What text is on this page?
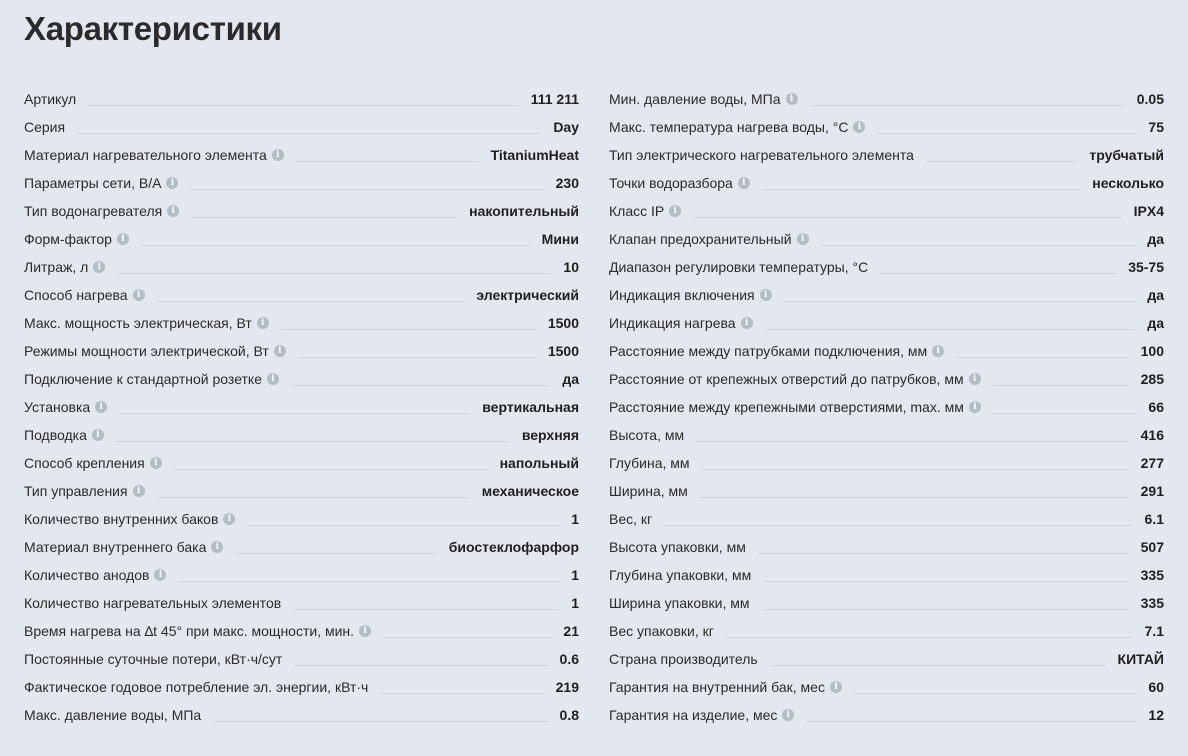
Характеристики
Артикул	111 211
Серия	Day
Материал нагревательного элемента	i	TitaniumHeat
Параметры сети, В/А	i	230
Тип водонагревателя	i	накопительный
Форм-фактор	i	Мини
Литраж, л	i	10
Способ нагрева	i	электрический
Макс. мощность электрическая, Вт	i	1500
Режимы мощности электрической, Вт	i	1500
Подключение к стандартной розетке	i	да
Установка	i	вертикальная
Подводка	i	верхняя
Способ крепления	i	напольный
Тип управления	i	механическое
Количество внутренних баков	i	1
Материал внутреннего бака	i	биостеклофарфор
Количество анодов	i	1
Количество нагревательных элементов	1
Время нагрева на ∆t 45° при макс. мощности, мин.	i	21
Постоянные суточные потери, кВт·ч/сут	0.6
Фактическое годовое потребление эл. энергии, кВт·ч	219
Макс. давление воды, МПа	0.8
Мин. давление воды, МПа	i	0.05
Макс. температура нагрева воды, °С	i	75
Тип электрического нагревательного элемента	трубчатый
Точки водоразбора	i	несколько
Класс IP	i	IPX4
Клапан предохранительный	i	да
Диапазон регулировки температуры, °С	35-75
Индикация включения	i	да
Индикация нагрева	i	да
Расстояние между патрубками подключения, мм	i	100
Расстояние от крепежных отверстий до патрубков, мм	i	285
Расстояние между крепежными отверстиями, max. мм	i	66
Высота, мм	416
Глубина, мм	277
Ширина, мм	291
Вес, кг	6.1
Высота упаковки, мм	507
Глубина упаковки, мм	335
Ширина упаковки, мм	335
Вес упаковки, кг	7.1
Страна производитель	КИТАЙ
Гарантия на внутренний бак, мес	i	60
Гарантия на изделие, мес	i	12
